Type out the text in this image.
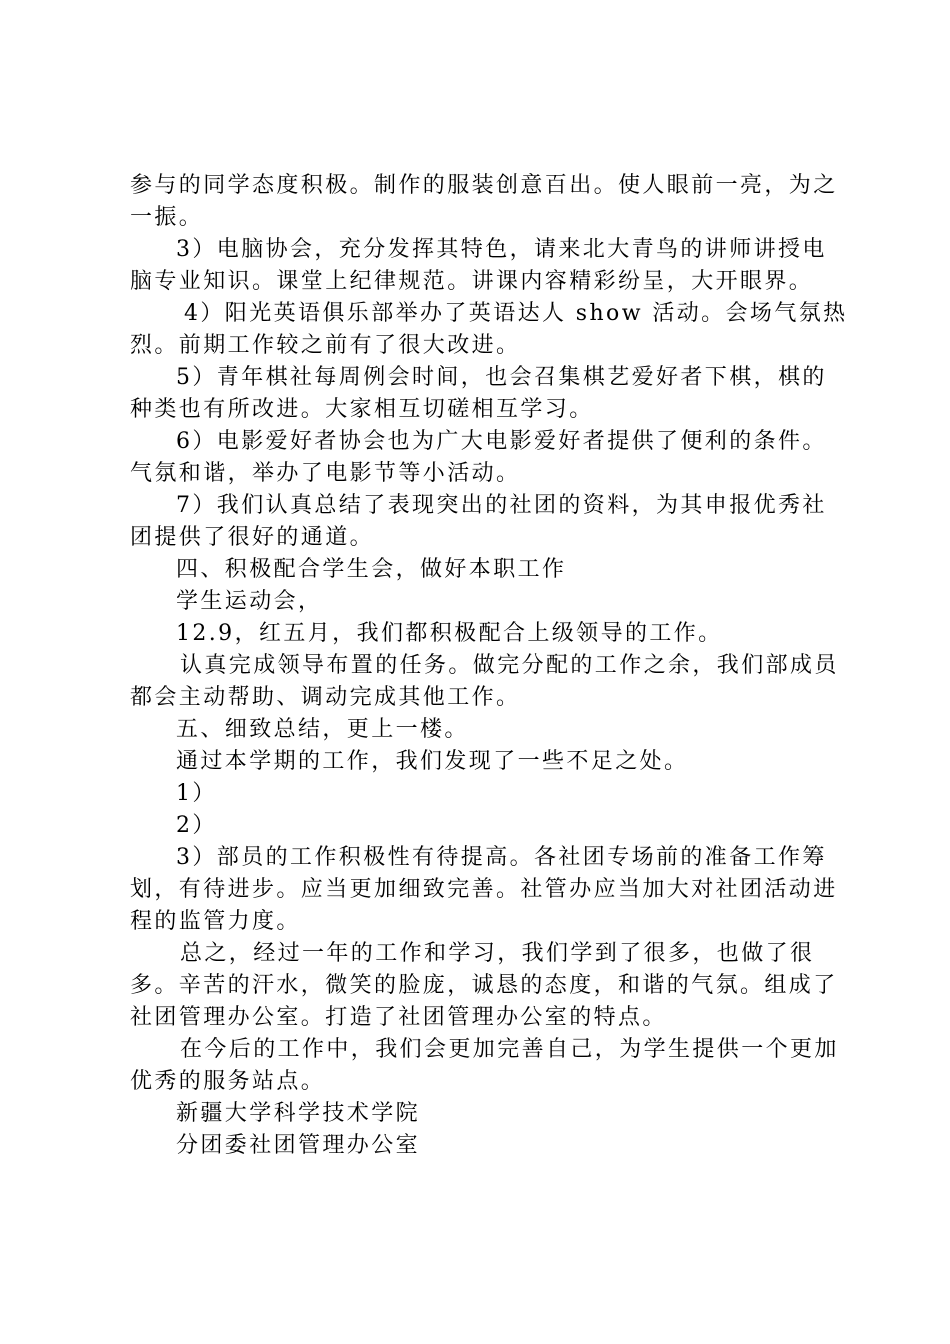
参与的同学态度积极。制作的服装创意百出。使人眼前一亮，为之一振。

3）电脑协会，充分发挥其特色，请来北大青鸟的讲师讲授电脑专业知识。课堂上纪律规范。讲课内容精彩纷呈，大开眼界。

4）阳光英语俱乐部举办了英语达人 show 活动。会场气氛热烈。前期工作较之前有了很大改进。

5）青年棋社每周例会时间，也会召集棋艺爱好者下棋，棋的种类也有所改进。大家相互切磋相互学习。

6）电影爱好者协会也为广大电影爱好者提供了便利的条件。气氛和谐，举办了电影节等小活动。

7）我们认真总结了表现突出的社团的资料，为其申报优秀社团提供了很好的通道。

四、积极配合学生会，做好本职工作

学生运动会，

12.9，红五月，我们都积极配合上级领导的工作。

认真完成领导布置的任务。做完分配的工作之余，我们部成员都会主动帮助、调动完成其他工作。

五、细致总结，更上一楼。

通过本学期的工作，我们发现了一些不足之处。

1）

2）

3）部员的工作积极性有待提高。各社团专场前的准备工作筹划，有待进步。应当更加细致完善。社管办应当加大对社团活动进程的监管力度。

总之，经过一年的工作和学习，我们学到了很多，也做了很多。辛苦的汗水，微笑的脸庞，诚恳的态度，和谐的气氛。组成了社团管理办公室。打造了社团管理办公室的特点。

在今后的工作中，我们会更加完善自己，为学生提供一个更加优秀的服务站点。

新疆大学科学技术学院

分团委社团管理办公室
